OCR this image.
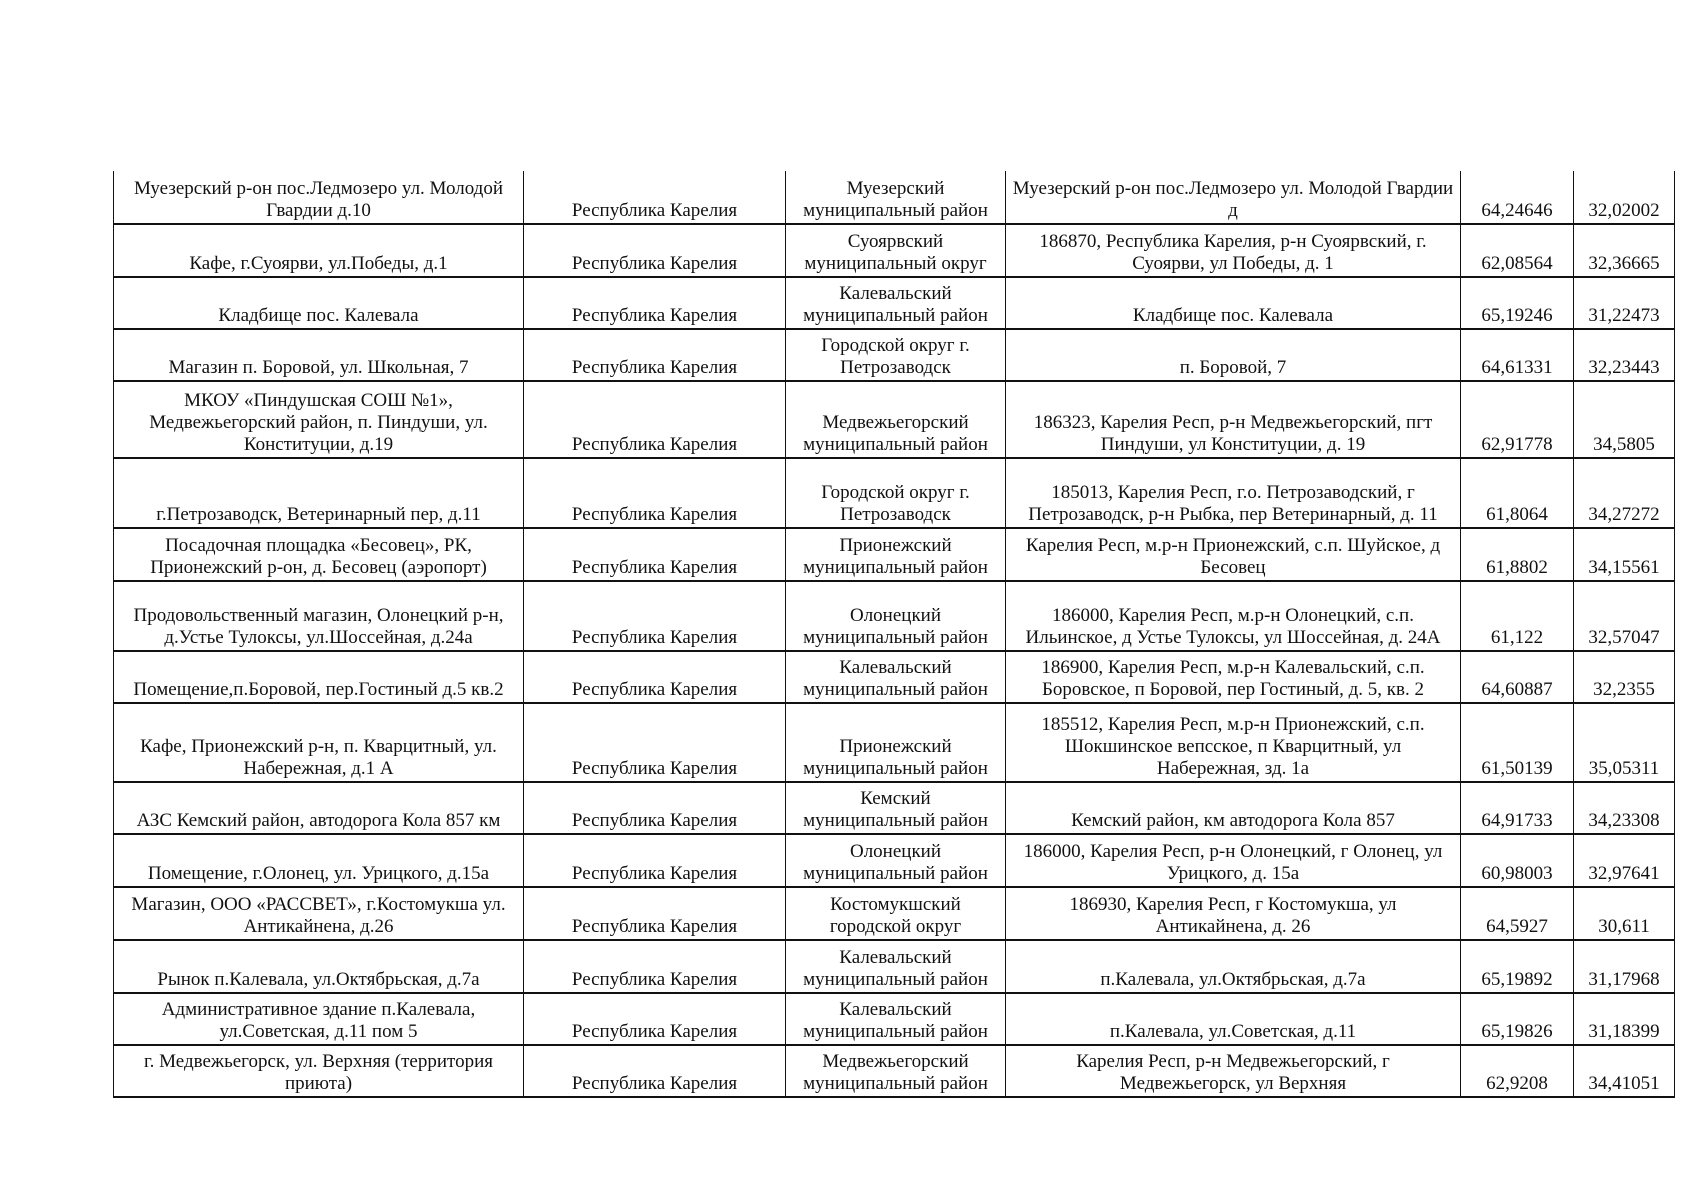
Муезерский р-он пос.Ледмозеро ул. Молодой Гвардии д.10	Республика Карелия	Муезерский муниципальный район	Муезерский р-он пос.Ледмозеро ул. Молодой Гвардии д	64,24646	32,02002
Кафе, г.Суоярви, ул.Победы, д.1	Республика Карелия	Суоярвский муниципальный округ	186870, Республика Карелия, р-н Суоярвский, г. Суоярви, ул Победы, д. 1	62,08564	32,36665
Кладбище пос. Калевала	Республика Карелия	Калевальский муниципальный район	Кладбище пос. Калевала	65,19246	31,22473
Магазин п. Боровой, ул. Школьная, 7	Республика Карелия	Городской округ г. Петрозаводск	п. Боровой, 7	64,61331	32,23443
МКОУ «Пиндушская СОШ №1», Медвежьегорский район, п. Пиндуши, ул. Конституции, д.19	Республика Карелия	Медвежьегорский муниципальный район	186323, Карелия Респ, р-н Медвежьегорский, пгт Пиндуши, ул Конституции, д. 19	62,91778	34,5805
г.Петрозаводск, Ветеринарный пер, д.11	Республика Карелия	Городской округ г. Петрозаводск	185013, Карелия Респ, г.о. Петрозаводский, г Петрозаводск, р-н Рыбка, пер Ветеринарный, д. 11	61,8064	34,27272
Посадочная площадка «Бесовец», РК, Прионежский р-он, д. Бесовец (аэропорт)	Республика Карелия	Прионежский муниципальный район	Карелия Респ, м.р-н Прионежский, с.п. Шуйское, д Бесовец	61,8802	34,15561
Продовольственный магазин, Олонецкий р-н, д.Устье Тулоксы, ул.Шоссейная, д.24а	Республика Карелия	Олонецкий муниципальный район	186000, Карелия Респ, м.р-н Олонецкий, с.п. Ильинское, д Устье Тулоксы, ул Шоссейная, д. 24А	61,122	32,57047
Помещение,п.Боровой, пер.Гостиный д.5 кв.2	Республика Карелия	Калевальский муниципальный район	186900, Карелия Респ, м.р-н Калевальский, с.п. Боровское, п Боровой, пер Гостиный, д. 5, кв. 2	64,60887	32,2355
Кафе, Прионежский р-н, п. Кварцитный, ул. Набережная, д.1 А	Республика Карелия	Прионежский муниципальный район	185512, Карелия Респ, м.р-н Прионежский, с.п. Шокшинское вепсское, п Кварцитный, ул Набережная, зд. 1а	61,50139	35,05311
АЗС Кемский район, автодорога Кола 857 км	Республика Карелия	Кемский муниципальный район	Кемский район, км автодорога Кола 857	64,91733	34,23308
Помещение, г.Олонец, ул. Урицкого, д.15а	Республика Карелия	Олонецкий муниципальный район	186000, Карелия Респ, р-н Олонецкий, г Олонец, ул Урицкого, д. 15а	60,98003	32,97641
Магазин, ООО «РАССВЕТ», г.Костомукша ул. Антикайнена, д.26	Республика Карелия	Костомукшский городской округ	186930, Карелия Респ, г Костомукша, ул Антикайнена, д. 26	64,5927	30,611
Рынок п.Калевала, ул.Октябрьская, д.7а	Республика Карелия	Калевальский муниципальный район	п.Калевала, ул.Октябрьская, д.7а	65,19892	31,17968
Административное здание п.Калевала, ул.Советская, д.11 пом 5	Республика Карелия	Калевальский муниципальный район	п.Калевала, ул.Советская, д.11	65,19826	31,18399
г. Медвежьегорск, ул. Верхняя (территория приюта)	Республика Карелия	Медвежьегорский муниципальный район	Карелия Респ, р-н Медвежьегорский, г Медвежьегорск, ул Верхняя	62,9208	34,41051
